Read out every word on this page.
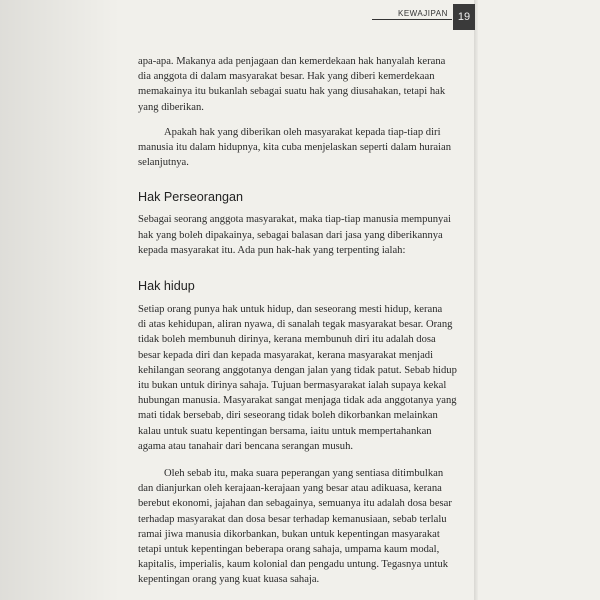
KEWAJIPAN 19

apa-apa. Makanya ada penjagaan dan kemerdekaan hak hanyalah kerana
dia anggota di dalam masyarakat besar. Hak yang diberi kemerdekaan
memakainya itu bukanlah sebagai suatu hak yang diusahakan, tetapi hak
yang diberikan.

Apakah hak yang diberikan oleh masyarakat kepada tiap-tiap diri
manusia itu dalam hidupnya, kita cuba menjelaskan seperti dalam huraian
selanjutnya.

Hak Perseorangan

Sebagai seorang anggota masyarakat, maka tiap-tiap manusia mempunyai
hak yang boleh dipakainya, sebagai balasan dari jasa yang diberikannya
kepada masyarakat itu. Ada pun hak-hak yang terpenting ialah:

Hak hidup

Setiap orang punya hak untuk hidup, dan seseorang mesti hidup, kerana
di atas kehidupan, aliran nyawa, di sanalah tegak masyarakat besar. Orang
tidak boleh membunuh dirinya, kerana membunuh diri itu adalah dosa
besar kepada diri dan kepada masyarakat, kerana masyarakat menjadi
kehilangan seorang anggotanya dengan jalan yang tidak patut. Sebab hidup
itu bukan untuk dirinya sahaja. Tujuan bermasyarakat ialah supaya kekal
hubungan manusia. Masyarakat sangat menjaga tidak ada anggotanya yang
mati tidak bersebab, diri seseorang tidak boleh dikorbankan melainkan
kalau untuk suatu kepentingan bersama, iaitu untuk mempertahankan
agama atau tanahair dari bencana serangan musuh.

Oleh sebab itu, maka suara peperangan yang sentiasa ditimbulkan
dan dianjurkan oleh kerajaan-kerajaan yang besar atau adikuasa, kerana
berebut ekonomi, jajahan dan sebagainya, semuanya itu adalah dosa besar
terhadap masyarakat dan dosa besar terhadap kemanusiaan, sebab terlalu
ramai jiwa manusia dikorbankan, bukan untuk kepentingan masyarakat
tetapi untuk kepentingan beberapa orang sahaja, umpama kaum modal,
kapitalis, imperialis, kaum kolonial dan pengadu untung. Tegasnya untuk
kepentingan orang yang kuat kuasa sahaja.
